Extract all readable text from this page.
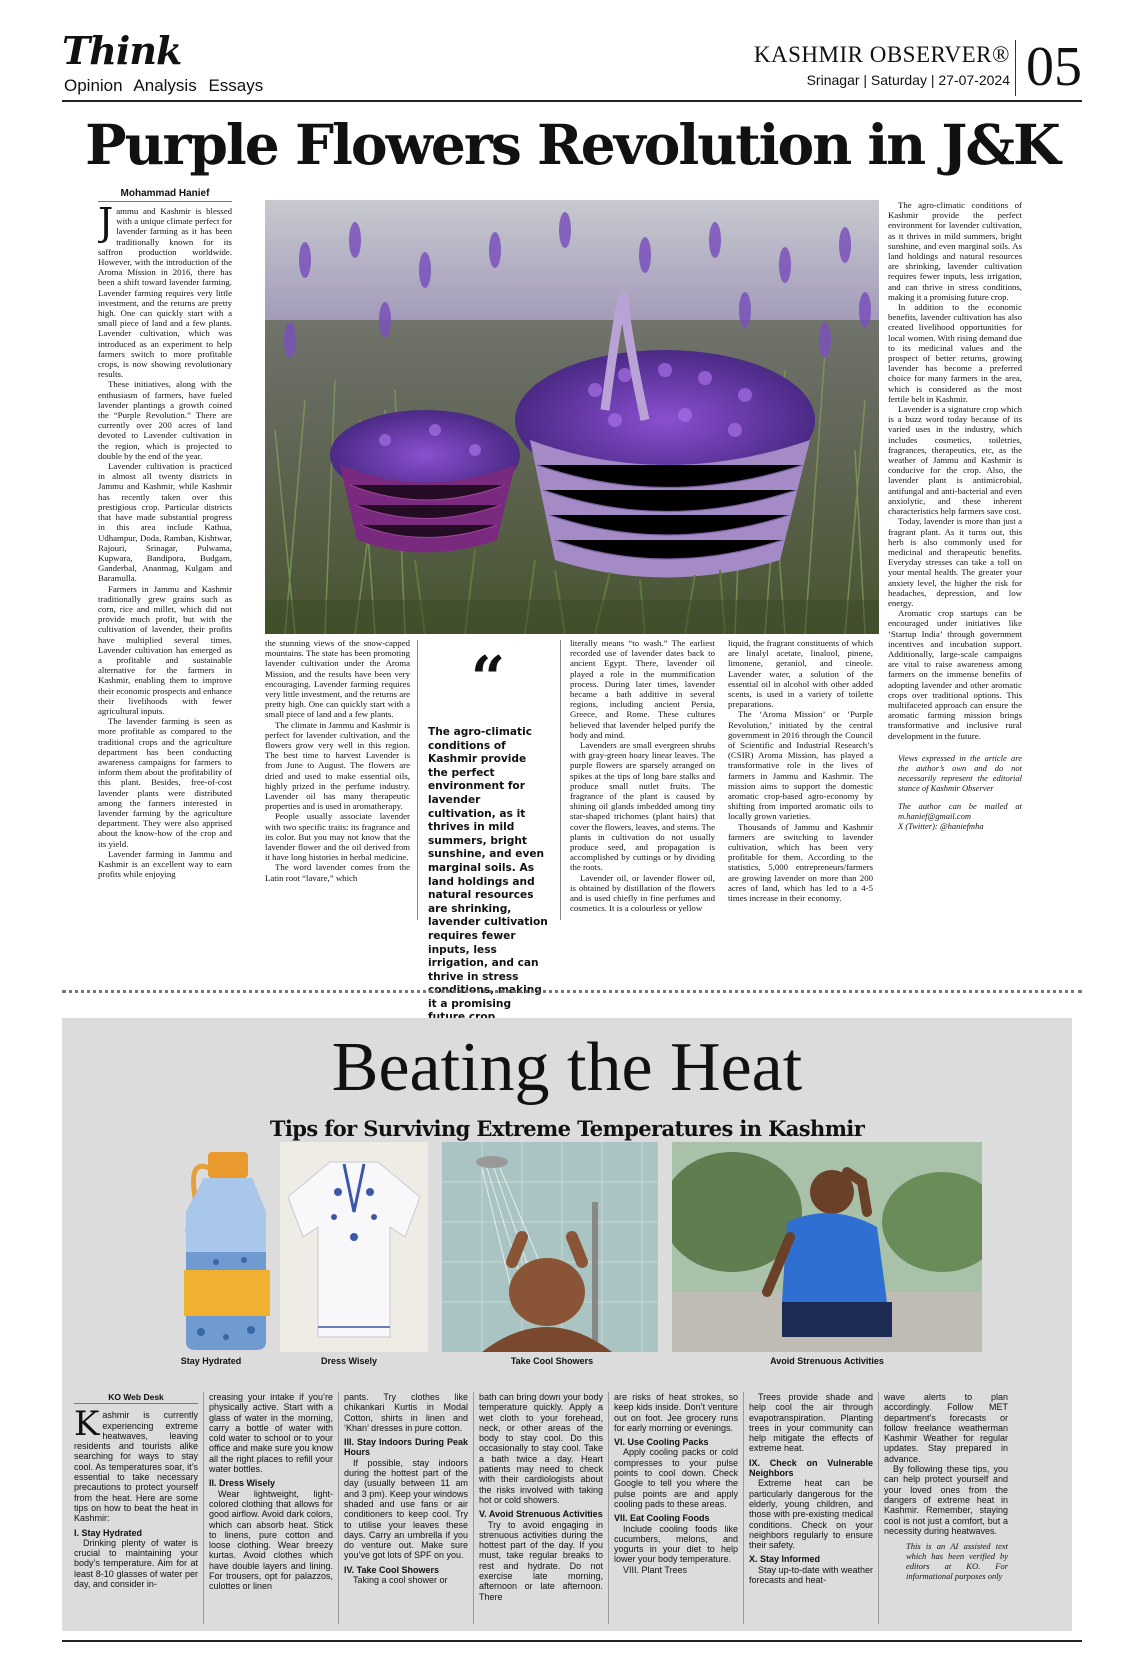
Think
Opinion Analysis Essays
KASHMIR OBSERVER®
Srinagar | Saturday | 27-07-2024 05
Purple Flowers Revolution in J&K
Mohammad Hanief

Jammu and Kashmir is blessed with a unique climate perfect for lavender farming as it has been traditionally known for its saffron production worldwide. However, with the introduction of the Aroma Mission in 2016, there has been a shift toward lavender farming. Lavender farming requires very little investment, and the returns are pretty high. One can quickly start with a small piece of land and a few plants. Lavender cultivation, which was introduced as an experiment to help farmers switch to more profitable crops, is now showing revolutionary results.

These initiatives, along with the enthusiasm of farmers, have fueled lavender plantings a growth coined the “Purple Revolution.” There are currently over 200 acres of land devoted to Lavender cultivation in the region, which is projected to double by the end of the year.

Lavender cultivation is practiced in almost all twenty districts in Jammu and Kashmir, while Kashmir has recently taken over this prestigious crop. Particular districts that have made substantial progress in this area include Kathua, Udhampur, Doda, Ramban, Kishtwar, Rajouri, Srinagar, Pulwama, Kupwara, Bandipora, Budgam, Ganderbal, Anantnag, Kulgam and Baramulla.

Farmers in Jammu and Kashmir traditionally grew grains such as corn, rice and millet, which did not provide much profit, but with the cultivation of lavender, their profits have multiplied several times. Lavender cultivation has emerged as a profitable and sustainable alternative for the farmers in Kashmir, enabling them to improve their economic prospects and enhance their livelihoods with fewer agricultural inputs.

The lavender farming is seen as more profitable as compared to the traditional crops and the agriculture department has been conducting awareness campaigns for farmers to inform them about the profitability of this plant. Besides, free-of-cost lavender plants were distributed among the farmers interested in lavender farming by the agriculture department. They were also apprised about the know-how of the crop and its yield.

Lavender farming in Jammu and Kashmir is an excellent way to earn profits while enjoying

the stunning views of the snow-capped mountains. The state has been promoting lavender cultivation under the Aroma Mission, and the results have been very encouraging. Lavender farming requires very little investment, and the returns are pretty high. One can quickly start with a small piece of land and a few plants.

The climate in Jammu and Kashmir is perfect for lavender cultivation, and the flowers grow very well in this region. The best time to harvest Lavender is from June to August. The flowers are dried and used to make essential oils, highly prized in the perfume industry. Lavender oil has many therapeutic properties and is used in aromatherapy.

People usually associate lavender with two specific traits: its fragrance and its color. But you may not know that the lavender flower and the oil derived from it have long histories in herbal medicine.

The word lavender comes from the Latin root “lavare,” which

“
The agro-climatic conditions of Kashmir provide the perfect environment for lavender cultivation, as it thrives in mild summers, bright sunshine, and even marginal soils. As land holdings and natural resources are shrinking, lavender cultivation requires fewer inputs, less irrigation, and can thrive in stress conditions, making it a promising

literally means “to wash.” The earliest recorded use of lavender dates back to ancient Egypt. There, lavender oil played a role in the mummification process. During later times, lavender became a bath additive in several regions, including ancient Persia, Greece, and Rome. These cultures believed that lavender helped purify the body and mind.

Lavenders are small evergreen shrubs with gray-green hoary linear leaves. The purple flowers are sparsely arranged on spikes at the tips of long bare stalks and produce small nutlet fruits. The fragrance of the plant is caused by shining oil glands imbedded among tiny star-shaped trichomes (plant hairs) that cover the flowers, leaves, and stems. The plants in cultivation do not usually produce seed, and propagation is accomplished by cuttings or by dividing the roots.

Lavender oil, or lavender flower oil, is obtained by distillation of the flowers and is used chiefly in fine perfumes and cosmetics. It is a colourless or yellow

liquid, the fragrant constituents of which are linalyl acetate, linalool, pinene, limonene, geraniol, and cineole. Lavender water, a solution of the essential oil in alcohol with other added scents, is used in a variety of toilette preparations.

The ‘Aroma Mission’ or ‘Purple Revolution,’ initiated by the central government in 2016 through the Council of Scientific and Industrial Research’s (CSIR) Aroma Mission, has played a transformative role in the lives of farmers in Jammu and Kashmir. The mission aims to support the domestic aromatic crop-based agro-economy by shifting from imported aromatic oils to locally grown varieties.

Thousands of Jammu and Kashmir farmers are switching to lavender cultivation, which has been very profitable for them. According to the statistics, 5,000 entrepreneurs/farmers are growing lavender on more than 200 acres of land, which has led to a 4-5 times increase in their economy.

The agro-climatic conditions of Kashmir provide the perfect environment for lavender cultivation, as it thrives in mild summers, bright sunshine, and even marginal soils. As land holdings and natural resources are shrinking, lavender cultivation requires fewer inputs, less irrigation, and can thrive in stress conditions, making it a promising future crop.

In addition to the economic benefits, lavender cultivation has also created livelihood opportunities for local women. With rising demand due to its medicinal values and the prospect of better returns, growing lavender has become a preferred choice for many farmers in the area, which is considered as the most fertile belt in Kashmir.

Lavender is a signature crop which is a buzz word today because of its varied uses in the industry, which includes cosmetics, toiletries, fragrances, therapeutics, etc, as the weather of Jammu and Kashmir is conducive for the crop. Also, the lavender plant is antimicrobial, antifungal and anti-bacterial and even anxiolytic, and these inherent characteristics help farmers save cost.

Today, lavender is more than just a fragrant plant. As it turns out, this herb is also commonly used for medicinal and therapeutic benefits. Everyday stresses can take a toll on your mental health. The greater your anxiety level, the higher the risk for headaches, depression, and low energy.

Aromatic crop startups can be encouraged under initiatives like ‘Startup India’ through government incentives and incubation support. Additionally, large-scale campaigns are vital to raise awareness among farmers on the immense benefits of adopting lavender and other aromatic crops over traditional options. This multifaceted approach can ensure the aromatic farming mission brings transformative and inclusive rural development in the future.

Views expressed in the article are the author’s own and do not necessarily represent the editorial stance of Kashmir Observer

The author can be mailed at m.hanief@gmail.com

X (Twitter): @haniefmha

Beating the Heat
Tips for Surviving Extreme Temperatures in Kashmir
Stay Hydrated	Dress Wisely	Take Cool Showers	Avoid Strenuous Activities
KO Web Desk

Kashmir is currently experiencing extreme heatwaves, leaving residents and tourists alike searching for ways to stay cool. As temperatures soar, it’s essential to take necessary precautions to protect yourself from the heat. Here are some tips on how to beat the heat in Kashmir:

I. Stay Hydrated

Drinking plenty of water is crucial to maintaining your body’s temperature. Aim for at least 8-10 glasses of water per day, and consider in-

creasing your intake if you’re physically active. Start with a glass of water in the morning, carry a bottle of water with cold water to school or to your office and make sure you know all the right places to refill your water bottles.

II. Dress Wisely

Wear lightweight, light-colored clothing that allows for good airflow. Avoid dark colors, which can absorb heat. Stick to linens, pure cotton and loose clothing. Wear breezy kurtas. Avoid clothes which have double layers and lining. For trousers, opt for palazzos, culottes or linen

pants. Try clothes like chikankari Kurtis in Modal Cotton, shirts in linen and ‘Khan’ dresses in pure cotton.

III. Stay Indoors During Peak Hours

If possible, stay indoors during the hottest part of the day (usually between 11 am and 3 pm). Keep your windows shaded and use fans or air conditioners to keep cool. Try to utilise your leaves these days. Carry an umbrella if you do venture out. Make sure you’ve got lots of SPF on you.

IV. Take Cool Showers

Taking a cool shower or

bath can bring down your body temperature quickly. Apply a wet cloth to your forehead, neck, or other areas of the body to stay cool. Do this occasionally to stay cool. Take a bath twice a day. Heart patients may need to check with their cardiologists about the risks involved with taking hot or cold showers.

V. Avoid Strenuous Activities

Try to avoid engaging in strenuous activities during the hottest part of the day. If you must, take regular breaks to rest and hydrate. Do not exercise late morning, afternoon or late afternoon. There

are risks of heat strokes, so keep kids inside. Don’t venture out on foot. Jee grocery runs for early morning or evenings.

VI. Use Cooling Packs

Apply cooling packs or cold compresses to your pulse points to cool down. Check Google to tell you where the pulse points are and apply cooling pads to these areas.

VII. Eat Cooling Foods

Include cooling foods like cucumbers, melons, and yogurts in your diet to help lower your body temperature.

VIII. Plant Trees

Trees provide shade and help cool the air through evapotranspiration. Planting trees in your community can help mitigate the effects of extreme heat.

IX. Check on Vulnerable Neighbors

Extreme heat can be particularly dangerous for the elderly, young children, and those with pre-existing medical conditions. Check on your neighbors regularly to ensure their safety.

X. Stay Informed

Stay up-to-date with weather forecasts and heat-

wave alerts to plan accordingly. Follow MET department’s forecasts or follow freelance weatherman Kashmir Weather for regular updates. Stay prepared in advance.

By following these tips, you can help protect yourself and your loved ones from the dangers of extreme heat in Kashmir. Remember, staying cool is not just a comfort, but a necessity during heatwaves.

This is an AI assisted text which has been verified by editors at KO. For informational purposes only
